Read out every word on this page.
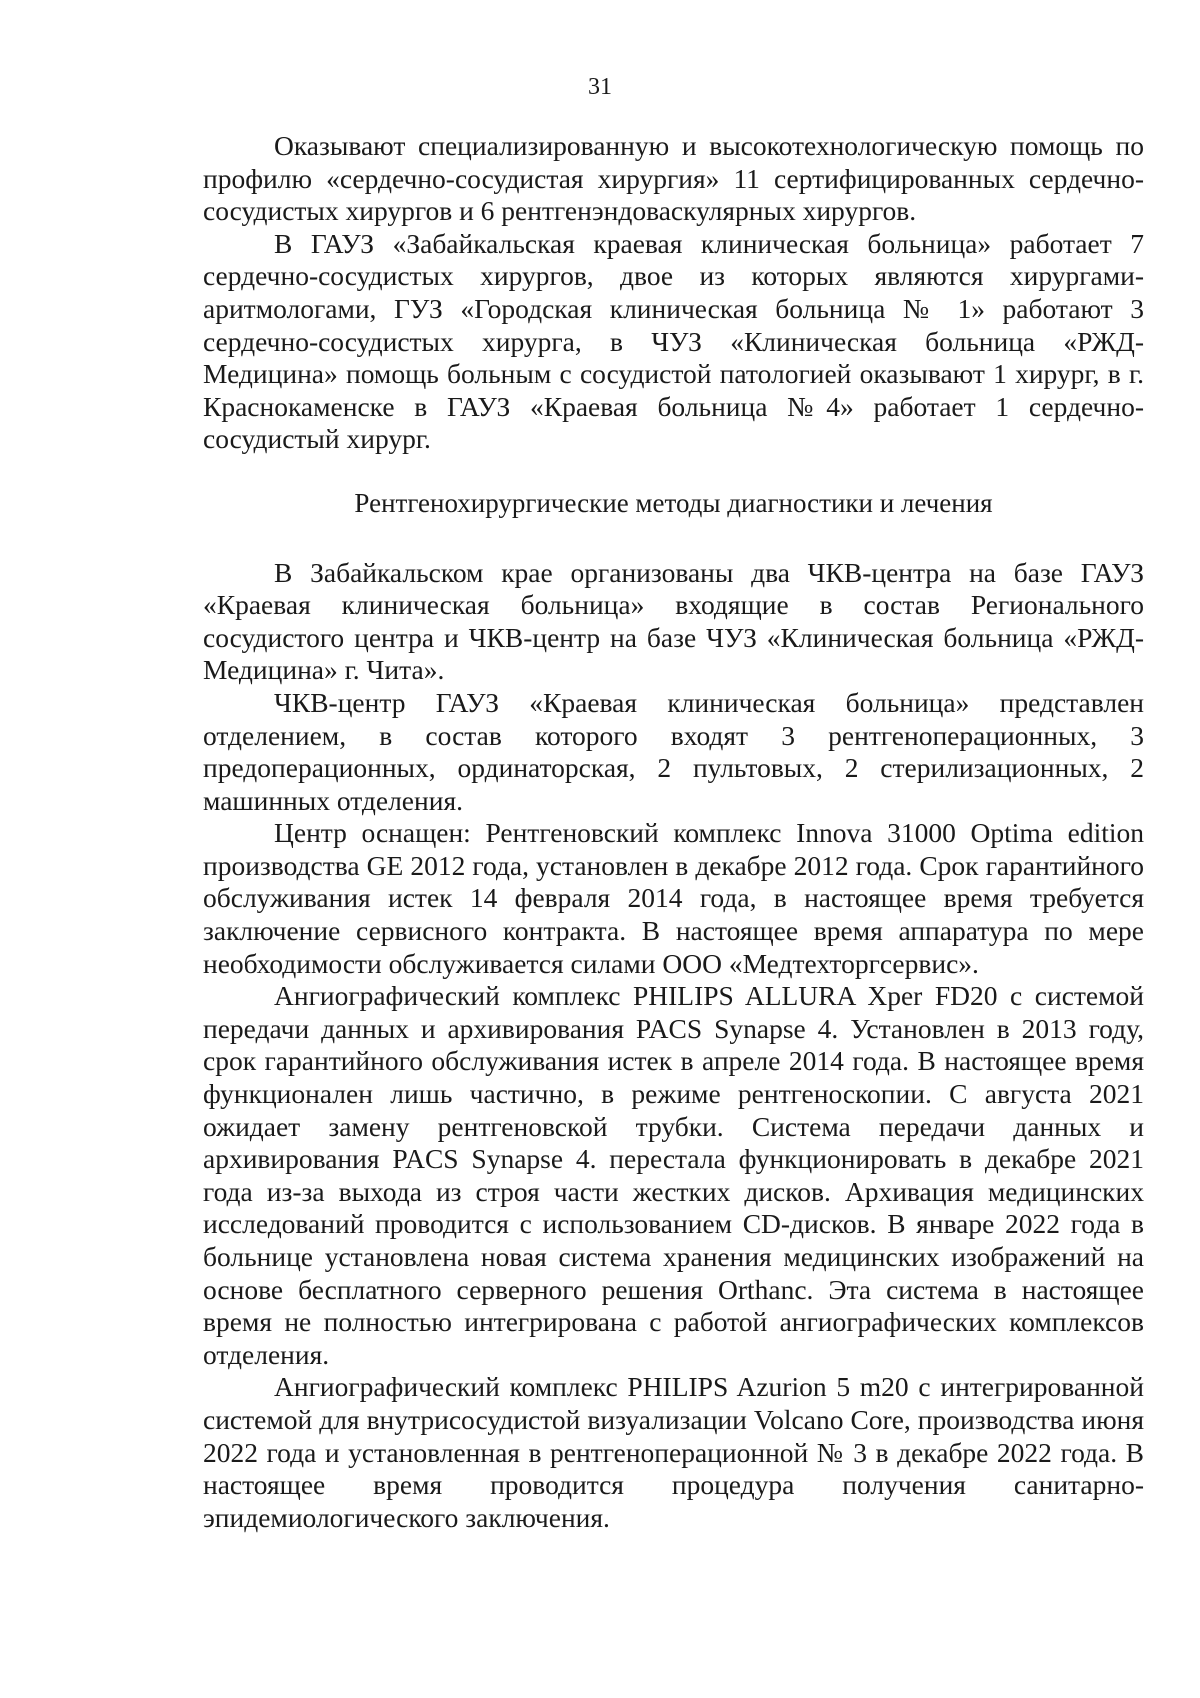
31

Оказывают специализированную и высокотехнологическую помощь по профилю «сердечно-сосудистая хирургия» 11 сертифицированных сердечно-сосудистых хирургов и 6 рентгенэндоваскулярных хирургов.

В ГАУЗ «Забайкальская краевая клиническая больница» работает 7 сердечно-сосудистых хирургов, двое из которых являются хирургами-аритмологами, ГУЗ «Городская клиническая больница № 1» работают 3 сердечно-сосудистых хирурга, в ЧУЗ «Клиническая больница «РЖД-Медицина» помощь больным с сосудистой патологией оказывают 1 хирург, в г. Краснокаменске в ГАУЗ «Краевая больница №4» работает 1 сердечно-сосудистый хирург.

Рентгенохирургические методы диагностики и лечения

В Забайкальском крае организованы два ЧКВ-центра на базе ГАУЗ «Краевая клиническая больница» входящие в состав Регионального сосудистого центра и ЧКВ-центр на базе ЧУЗ «Клиническая больница «РЖД-Медицина» г. Чита».

ЧКВ-центр ГАУЗ «Краевая клиническая больница» представлен отделением, в состав которого входят 3 рентгеноперационных, 3 предоперационных, ординаторская, 2 пультовых, 2 стерилизационных, 2 машинных отделения.

Центр оснащен: Рентгеновский комплекс Innova 31000 Optima edition производства GE 2012 года, установлен в декабре 2012 года. Срок гарантийного обслуживания истек 14 февраля 2014 года, в настоящее время требуется заключение сервисного контракта. В настоящее время аппаратура по мере необходимости обслуживается силами ООО «Медтехторгсервис».

Ангиографический комплекс PHILIPS ALLURA Xper FD20 с системой передачи данных и архивирования PACS Synapse 4. Установлен в 2013 году, срок гарантийного обслуживания истек в апреле 2014 года. В настоящее время функционален лишь частично, в режиме рентгеноскопии. С августа 2021 ожидает замену рентгеновской трубки. Система передачи данных и архивирования PACS Synapse 4. перестала функционировать в декабре 2021 года из-за выхода из строя части жестких дисков. Архивация медицинских исследований проводится с использованием CD-дисков. В январе 2022 года в больнице установлена новая система хранения медицинских изображений на основе бесплатного серверного решения Orthanc. Эта система в настоящее время не полностью интегрирована с работой ангиографических комплексов отделения.

Ангиографический комплекс PHILIPS Azurion 5 m20 с интегрированной системой для внутрисосудистой визуализации Volcano Core, производства июня 2022 года и установленная в рентгеноперационной № 3 в декабре 2022 года. В настоящее время проводится процедура получения санитарно-эпидемиологического заключения.
